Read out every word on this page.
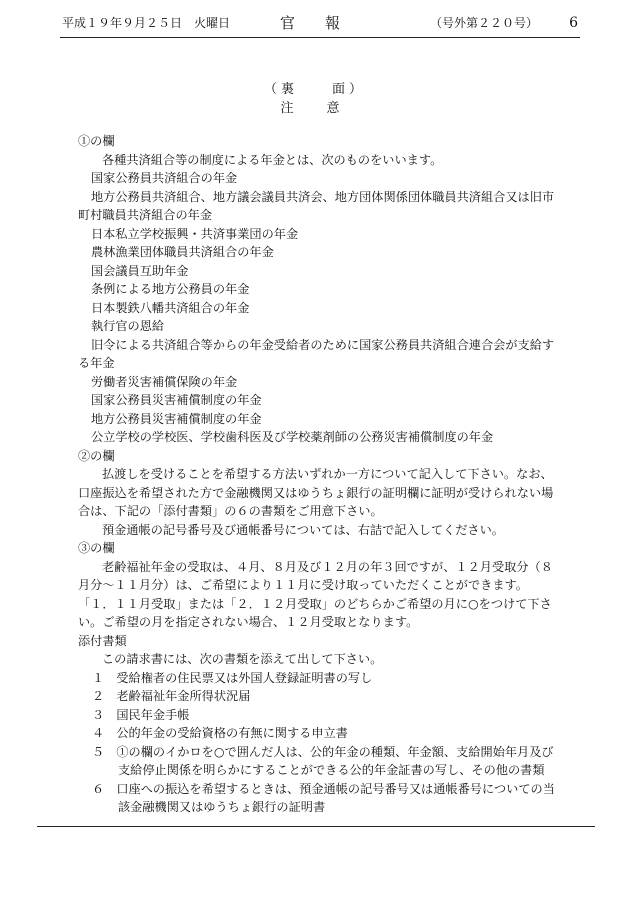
平成１９年９月２５日　火曜日	官　　報	（号外第２２０号） 6
（裏　　面）
注　意

①の欄

各種共済組合等の制度による年金とは、次のものをいいます。

国家公務員共済組合の年金

地方公務員共済組合、地方議会議員共済会、地方団体関係団体職員共済組合又は旧市町村職員共済組合の年金

日本私立学校振興・共済事業団の年金

農林漁業団体職員共済組合の年金

国会議員互助年金

条例による地方公務員の年金

日本製鉄八幡共済組合の年金

執行官の恩給

旧令による共済組合等からの年金受給者のために国家公務員共済組合連合会が支給する年金

労働者災害補償保険の年金

国家公務員災害補償制度の年金

地方公務員災害補償制度の年金

公立学校の学校医、学校歯科医及び学校薬剤師の公務災害補償制度の年金

②の欄

払渡しを受けることを希望する方法いずれか一方について記入して下さい。なお、口座振込を希望された方で金融機関又はゆうちょ銀行の証明欄に証明が受けられない場合は、下記の「添付書類」の６の書類をご用意下さい。

預金通帳の記号番号及び通帳番号については、右詰で記入してください。

③の欄

老齢福祉年金の受取は、４月、８月及び１２月の年３回ですが、１２月受取分（８月分〜１１月分）は、ご希望により１１月に受け取っていただくことができます。「１．１１月受取」または「２．１２月受取」のどちらかご希望の月に○をつけて下さい。ご希望の月を指定されない場合、１２月受取となります。

添付書類

この請求書には、次の書類を添えて出して下さい。

１　受給権者の住民票又は外国人登録証明書の写し

２　老齢福祉年金所得状況届

３　国民年金手帳

４　公的年金の受給資格の有無に関する申立書

５　①の欄のイかロを○で囲んだ人は、公的年金の種類、年金額、支給開始年月及び支給停止関係を明らかにすることができる公的年金証書の写し、その他の書類

６　口座への振込を希望するときは、預金通帳の記号番号又は通帳番号についての当該金融機関又はゆうちょ銀行の証明書
